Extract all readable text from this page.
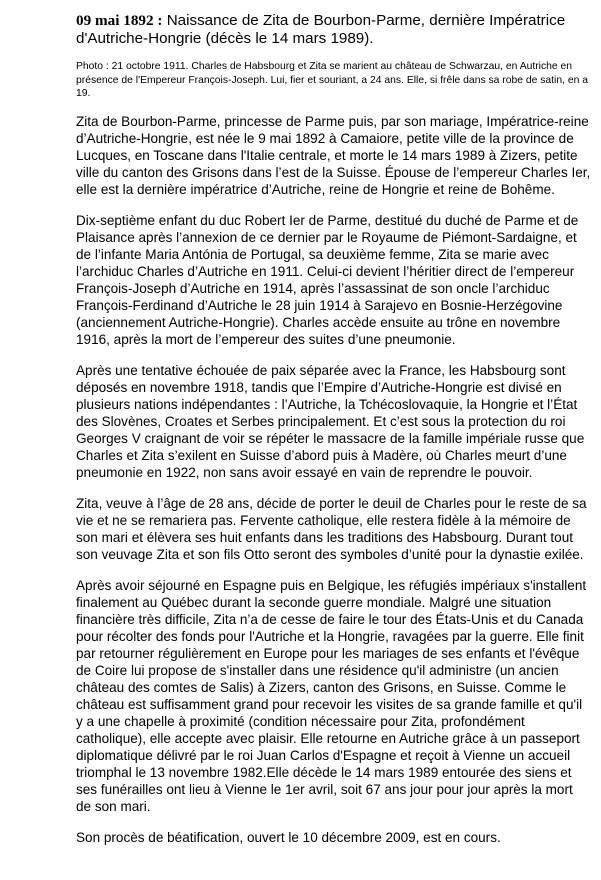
09 mai 1892 : Naissance de Zita de Bourbon-Parme, dernière Impératrice d'Autriche-Hongrie (décès le 14 mars 1989).
Photo : 21 octobre 1911. Charles de Habsbourg et Zita se marient au château de Schwarzau, en Autriche en présence de l'Empereur François-Joseph. Lui, fier et souriant, a 24 ans. Elle, si frêle dans sa robe de satin, en a 19.
Zita de Bourbon-Parme, princesse de Parme puis, par son mariage, Impératrice-reine d’Autriche-Hongrie, est née le 9 mai 1892 à Camaiore, petite ville de la province de Lucques, en Toscane dans l'Italie centrale, et morte le 14 mars 1989 à Zizers, petite ville du canton des Grisons dans l’est de la Suisse. Épouse de l’empereur Charles Ier, elle est la dernière impératrice d’Autriche, reine de Hongrie et reine de Bohême.
Dix-septième enfant du duc Robert Ier de Parme, destitué du duché de Parme et de Plaisance après l’annexion de ce dernier par le Royaume de Piémont-Sardaigne, et de l’infante Maria Antónia de Portugal, sa deuxième femme, Zita se marie avec l’archiduc Charles d’Autriche en 1911. Celui-ci devient l’héritier direct de l’empereur François-Joseph d’Autriche en 1914, après l’assassinat de son oncle l’archiduc François-Ferdinand d’Autriche le 28 juin 1914 à Sarajevo en Bosnie-Herzégovine (anciennement Autriche-Hongrie). Charles accède ensuite au trône en novembre 1916, après la mort de l’empereur des suites d’une pneumonie.
Après une tentative échouée de paix séparée avec la France, les Habsbourg sont déposés en novembre 1918, tandis que l’Empire d’Autriche-Hongrie est divisé en plusieurs nations indépendantes : l’Autriche, la Tchécoslovaquie, la Hongrie et l’État des Slovènes, Croates et Serbes principalement. Et c’est sous la protection du roi Georges V craignant de voir se répéter le massacre de la famille impériale russe que Charles et Zita s’exilent en Suisse d’abord puis à Madère, où Charles meurt d’une pneumonie en 1922, non sans avoir essayé en vain de reprendre le pouvoir.
Zita, veuve à l’âge de 28 ans, décide de porter le deuil de Charles pour le reste de sa vie et ne se remariera pas. Fervente catholique, elle restera fidèle à la mémoire de son mari et élèvera ses huit enfants dans les traditions des Habsbourg. Durant tout son veuvage Zita et son fils Otto seront des symboles d’unité pour la dynastie exilée.
Après avoir séjourné en Espagne puis en Belgique, les réfugiés impériaux s'installent finalement au Québec durant la seconde guerre mondiale. Malgré une situation financière très difficile, Zita n’a de cesse de faire le tour des États-Unis et du Canada pour récolter des fonds pour l'Autriche et la Hongrie, ravagées par la guerre. Elle finit par retourner régulièrement en Europe pour les mariages de ses enfants et l'évêque de Coire lui propose de s'installer dans une résidence qu'il administre (un ancien château des comtes de Salis) à Zizers, canton des Grisons, en Suisse. Comme le château est suffisamment grand pour recevoir les visites de sa grande famille et qu'il y a une chapelle à proximité (condition nécessaire pour Zita, profondément catholique), elle accepte avec plaisir. Elle retourne en Autriche grâce à un passeport diplomatique délivré par le roi Juan Carlos d'Espagne et reçoit à Vienne un accueil triomphal le 13 novembre 1982.Elle décède le 14 mars 1989 entourée des siens et ses funérailles ont lieu à Vienne le 1er avril, soit 67 ans jour pour jour après la mort de son mari.
Son procès de béatification, ouvert le 10 décembre 2009, est en cours.
